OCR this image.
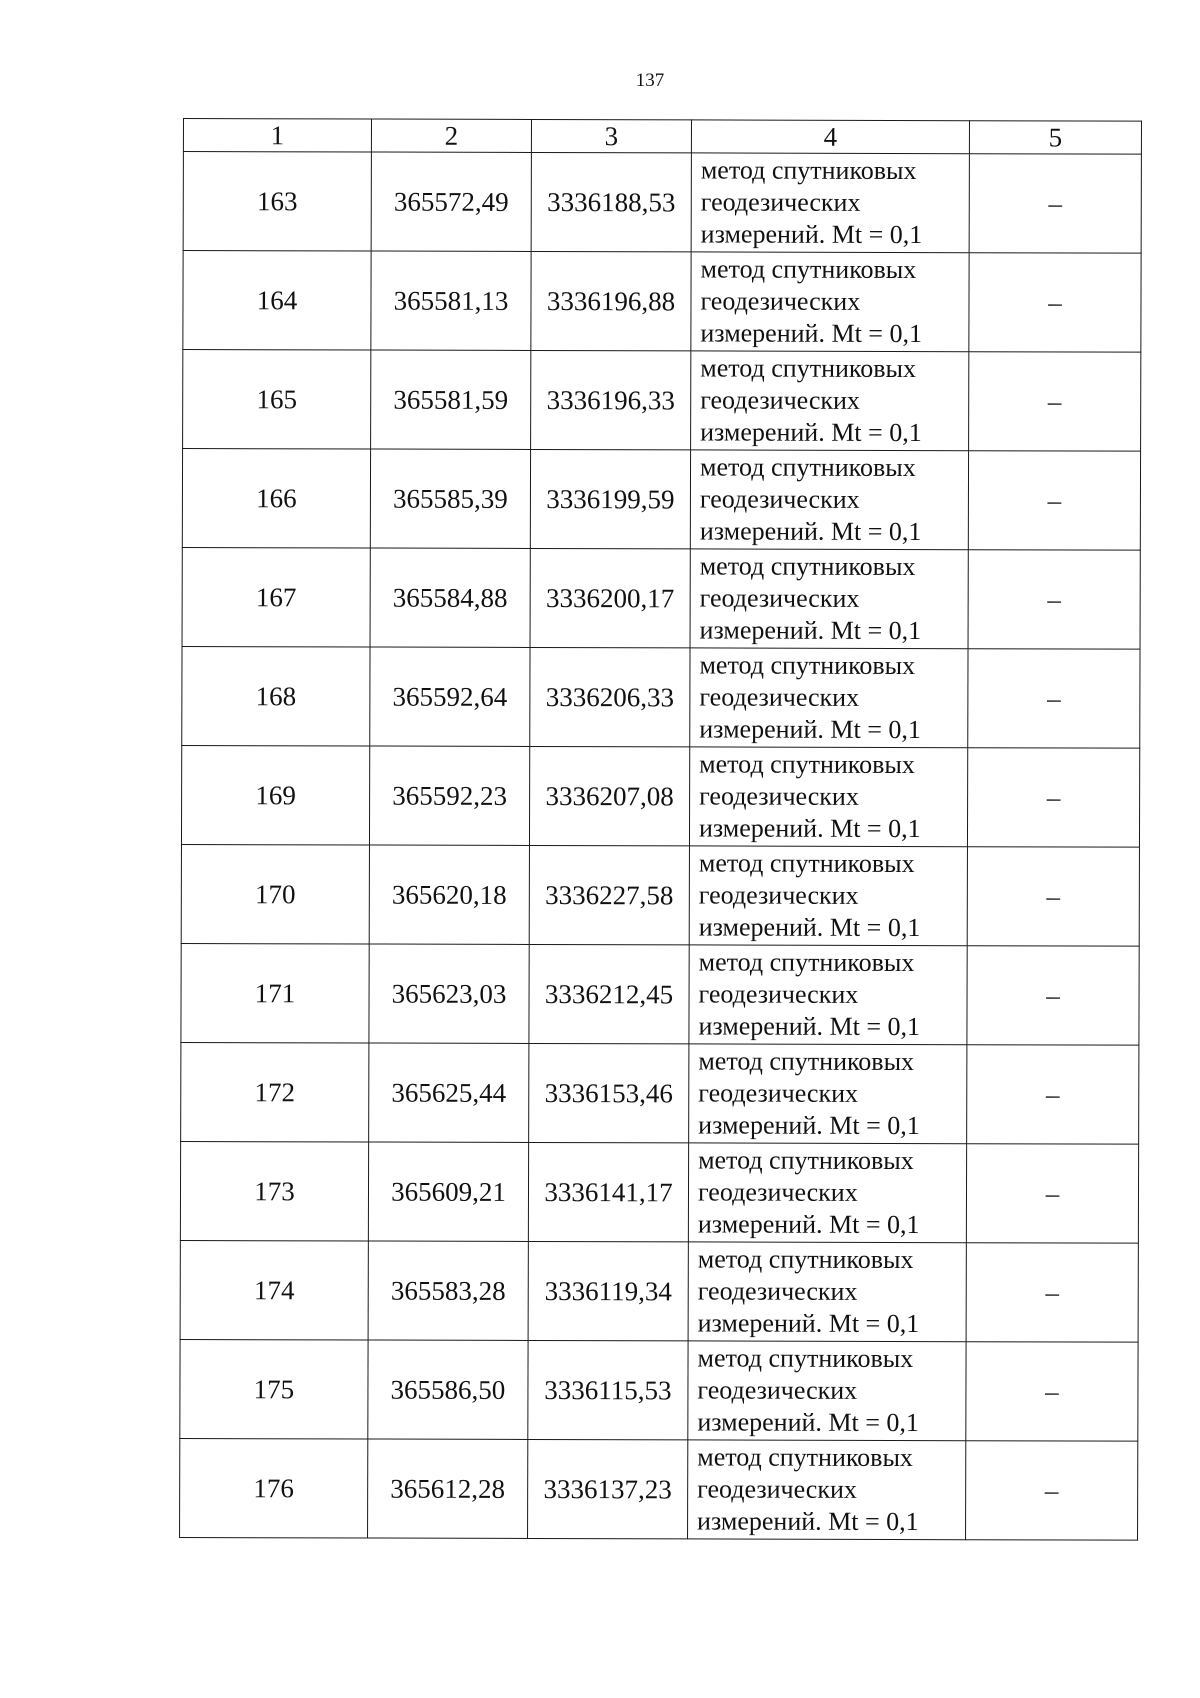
137
1	2	3	4	5
163	365572,49	3336188,53	метод спутниковых
геодезических
измерений. Mt = 0,1	–
164	365581,13	3336196,88	метод спутниковых
геодезических
измерений. Mt = 0,1	–
165	365581,59	3336196,33	метод спутниковых
геодезических
измерений. Mt = 0,1	–
166	365585,39	3336199,59	метод спутниковых
геодезических
измерений. Mt = 0,1	–
167	365584,88	3336200,17	метод спутниковых
геодезических
измерений. Mt = 0,1	–
168	365592,64	3336206,33	метод спутниковых
геодезических
измерений. Mt = 0,1	–
169	365592,23	3336207,08	метод спутниковых
геодезических
измерений. Mt = 0,1	–
170	365620,18	3336227,58	метод спутниковых
геодезических
измерений. Mt = 0,1	–
171	365623,03	3336212,45	метод спутниковых
геодезических
измерений. Mt = 0,1	–
172	365625,44	3336153,46	метод спутниковых
геодезических
измерений. Mt = 0,1	–
173	365609,21	3336141,17	метод спутниковых
геодезических
измерений. Mt = 0,1	–
174	365583,28	3336119,34	метод спутниковых
геодезических
измерений. Mt = 0,1	–
175	365586,50	3336115,53	метод спутниковых
геодезических
измерений. Mt = 0,1	–
176	365612,28	3336137,23	метод спутниковых
геодезических
измерений. Mt = 0,1	–
